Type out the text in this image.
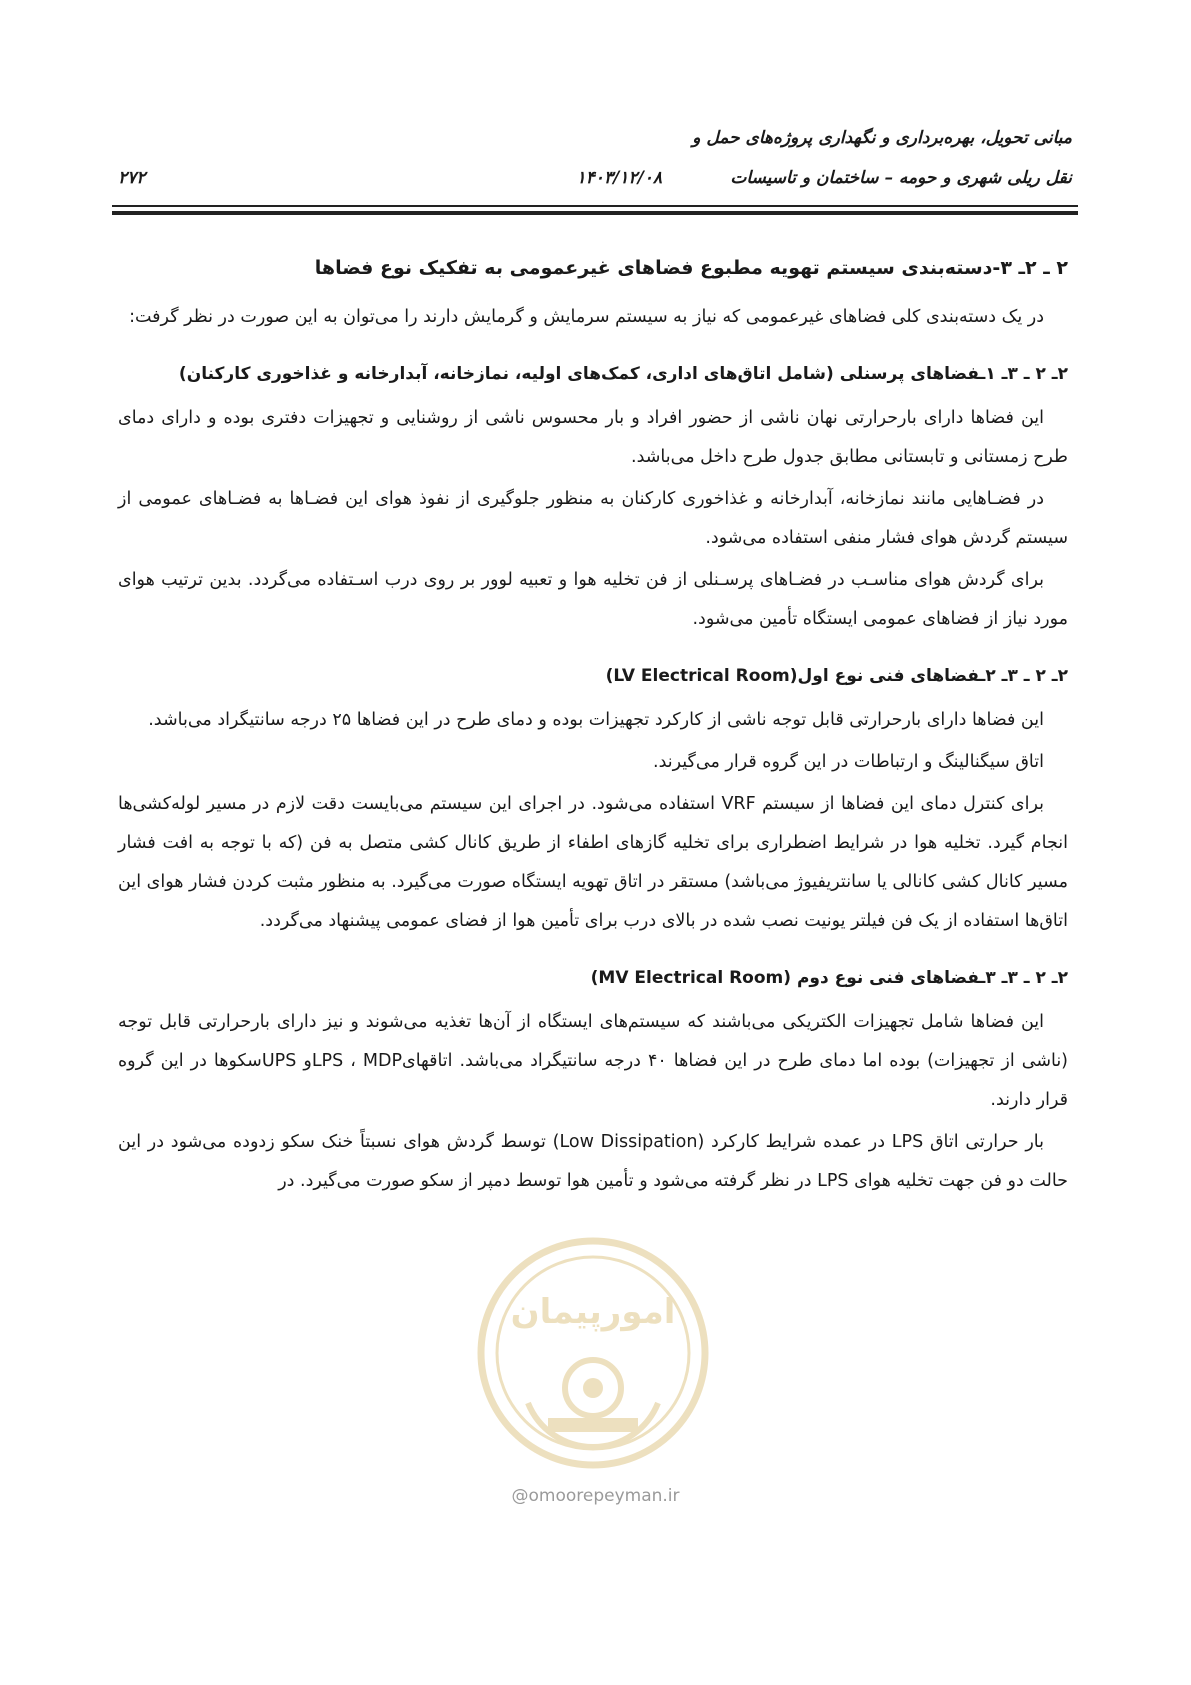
مبانی تحویل، بهره‌برداری و نگهداری پروژه‌های حمل و
نقل ریلی شهری و حومه – ساختمان و تاسیسات
۱۴۰۳/۱۲/۰۸
۲۷۲
۲ ـ ۲ـ ۳-دسته‌بندی سیستم تهویه مطبوع فضاهای غیرعمومی به تفکیک نوع فضاها

در یک دسته‌بندی کلی فضاهای غیرعمومی که نیاز به سیستم سرمایش و گرمایش دارند را می‌توان به این صورت در نظر گرفت:

۲ـ ۲ ـ ۳ـ ۱ـفضاهای پرسنلی (شامل اتاق‌های اداری، کمک‌های اولیه، نمازخانه، آبدارخانه و غذاخوری کارکنان)

این فضاها دارای بارحرارتی نهان ناشی از حضور افراد و بار محسوس ناشی از روشنایی و تجهیزات دفتری بوده و دارای دمای طرح زمستانی و تابستانی مطابق جدول طرح داخل می‌باشد.

در فضـاهایی مانند نمازخانه، آبدارخانه و غذاخوری کارکنان به منظور جلوگیری از نفوذ هوای این فضـاها به فضـاهای عمومی از سیستم گردش هوای فشار منفی استفاده می‌شود.

برای گردش هوای مناسـب در فضـاهای پرسـنلی از فن تخلیه هوا و تعبیه لوور بر روی درب اسـتفاده می‌گردد. بدین ترتیب هوای مورد نیاز از فضاهای عمومی ایستگاه تأمین می‌شود.

۲ـ ۲ ـ ۳ـ ۲ـفضاهای فنی نوع اول(LV Electrical Room)

این فضاها دارای بارحرارتی قابل توجه ناشی از کارکرد تجهیزات بوده و دمای طرح در این فضاها ۲۵ درجه سانتیگراد می‌باشد.

اتاق سیگنالینگ و ارتباطات در این گروه قرار می‌گیرند.

برای کنترل دمای این فضاها از سیستم VRF استفاده می‌شود. در اجرای این سیستم می‌بایست دقت لازم در مسیر لوله‌کشی‌ها انجام گیرد. تخلیه هوا در شرایط اضطراری برای تخلیه گازهای اطفاء از طریق کانال کشی متصل به فن (که با توجه به افت فشار مسیر کانال کشی کانالی یا سانتریفیوژ می‌باشد) مستقر در اتاق تهویه ایستگاه صورت می‌گیرد. به منظور مثبت کردن فشار هوای این اتاق‌ها استفاده از یک فن فیلتر یونیت نصب شده در بالای درب برای تأمین هوا از فضای عمومی پیشنهاد می‌گردد.

۲ـ ۲ ـ ۳ـ ۳ـفضاهای فنی نوع دوم (MV Electrical Room)

این فضاها شامل تجهیزات الکتریکی می‌باشند که سیستم‌های ایستگاه از آن‌ها تغذیه می‌شوند و نیز دارای بارحرارتی قابل توجه (ناشی از تجهیزات) بوده اما دمای طرح در این فضاها ۴۰ درجه سانتیگراد می‌باشد. اتاقهایLPS ، MDPو UPSسکوها در این گروه قرار دارند.

بار حرارتی اتاق LPS در عمده شرایط کارکرد (Low Dissipation) توسط گردش هوای نسبتاً خنک سکو زدوده می‌شود در این حالت دو فن جهت تخلیه هوای LPS در نظر گرفته می‌شود و تأمین هوا توسط دمپر از سکو صورت می‌گیرد. در

امورپیمان
@omoorepeyman.ir
